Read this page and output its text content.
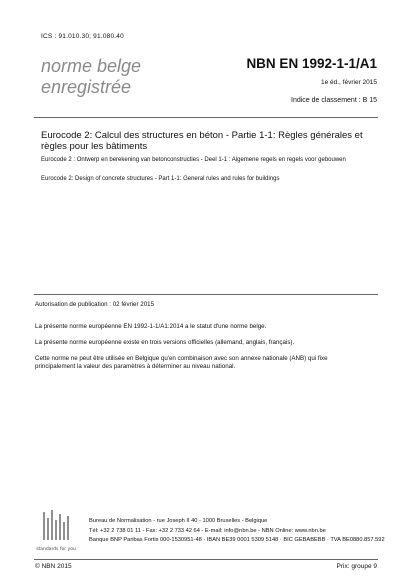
ICS : 91.010.30; 91.080.40
norme belge
enregistrée
NBN EN 1992-1-1/A1
1e éd., février 2015
Indice de classement : B 15
Eurocode 2: Calcul des structures en béton - Partie 1-1: Règles générales et règles pour les bâtiments
Eurocode 2 : Ontwerp en berekening van betonconstructies - Deel 1-1 : Algemene regels en regels voor gebouwen
Eurocode 2: Design of concrete structures - Part 1-1: General rules and rules for buildings
Autorisation de publication : 02 février 2015
La présente norme européenne EN 1992-1-1/A1:2014 a le statut d'une norme belge.
La présente norme européenne existe en trois versions officielles (allemand, anglais, français).
Cette norme ne peut être utilisée en Belgique qu'en combinaison avec son annexe nationale (ANB) qui fixe principalement la valeur des paramètres à déterminer au niveau national.
standards for you
Bureau de Normalisation - rue Joseph II 40 - 1000 Bruxelles - Belgique
Tél: +32 2 738 01 11 - Fax: +32 2 733 42 64 - E-mail: info@nbn.be - NBN Online: www.nbn.be
Banque BNP Paribas Fortis 000-1530951-48 · IBAN BE39 0001 5309 5148 · BIC GEBABEBB · TVA BE0880.857.592
© NBN 2015	Prix: groupe 9
